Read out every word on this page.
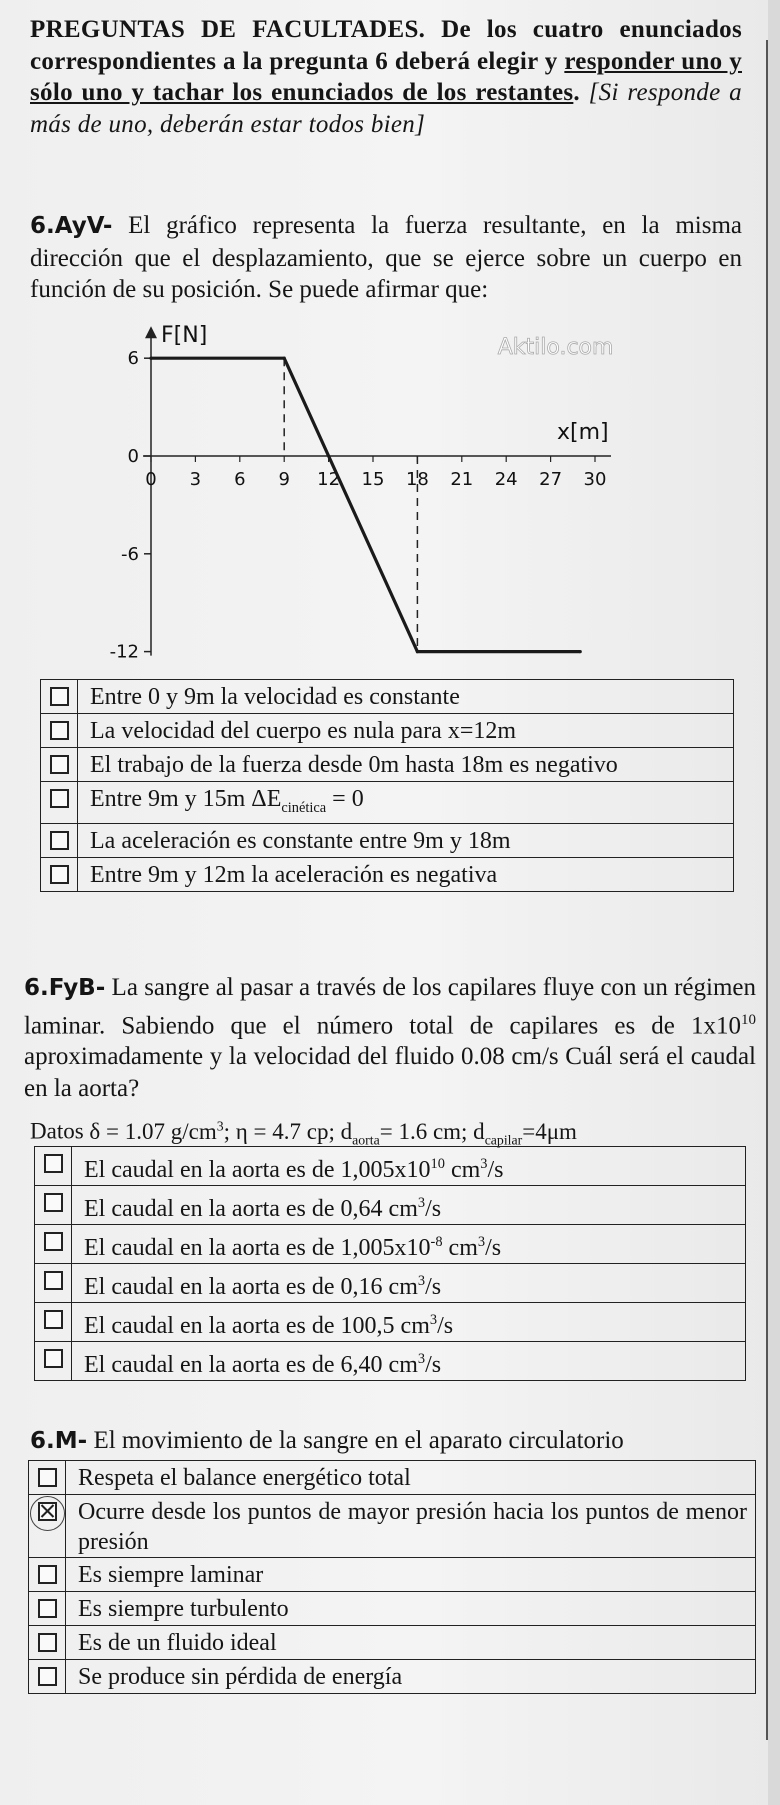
PREGUNTAS DE FACULTADES. De los cuatro enunciados correspondientes a la pregunta 6 deberá elegir y responder uno y sólo uno y tachar los enunciados de los restantes. [Si responde a más de uno, deberán estar todos bien]
6.AyV- El gráfico representa la fuerza resultante, en la misma dirección que el desplazamiento, que se ejerce sobre un cuerpo en función de su posición. Se puede afirmar que:
6
0
-6
-12
0 3 6 9 12 15 18 21 24 27 30
F[N]
x[m]
Aktilo.com
	Entre 0 y 9m la velocidad es constante
	La velocidad del cuerpo es nula para x=12m
	El trabajo de la fuerza desde 0m hasta 18m es negativo
	Entre 9m y 15m $\Delta E_{cinética} = 0$
	La aceleración es constante entre 9m y 18m
	Entre 9m y 12m la aceleración es negativa
6.FyB- La sangre al pasar a través de los capilares fluye con un régimen laminar. Sabiendo que el número total de capilares es de $1x10^{10}$ aproximadamente y la velocidad del fluido 0.08 cm/s Cuál será el caudal en la aorta?
Datos δ = 1.07 $g/cm^3$; η = 4.7 cp; $d_{aorta}= 1.6$ cm; $d_{capilar}=4\mu m$
	El caudal en la aorta es de $1,005x10^{10}$ $cm^3/s$
	El caudal en la aorta es de 0,64 $cm^3/s$
	El caudal en la aorta es de $1,005x10^{-8}$ $cm^3/s$
	El caudal en la aorta es de 0,16 $cm^3/s$
	El caudal en la aorta es de 100,5 $cm^3/s$
	El caudal en la aorta es de 6,40 $cm^3/s$
6.M- El movimiento de la sangre en el aparato circulatorio
	Respeta el balance energético total

	Ocurre desde los puntos de mayor presión hacia los puntos de menor presión
	Es siempre laminar
	Es siempre turbulento
	Es de un fluido ideal
	Se produce sin pérdida de energía
